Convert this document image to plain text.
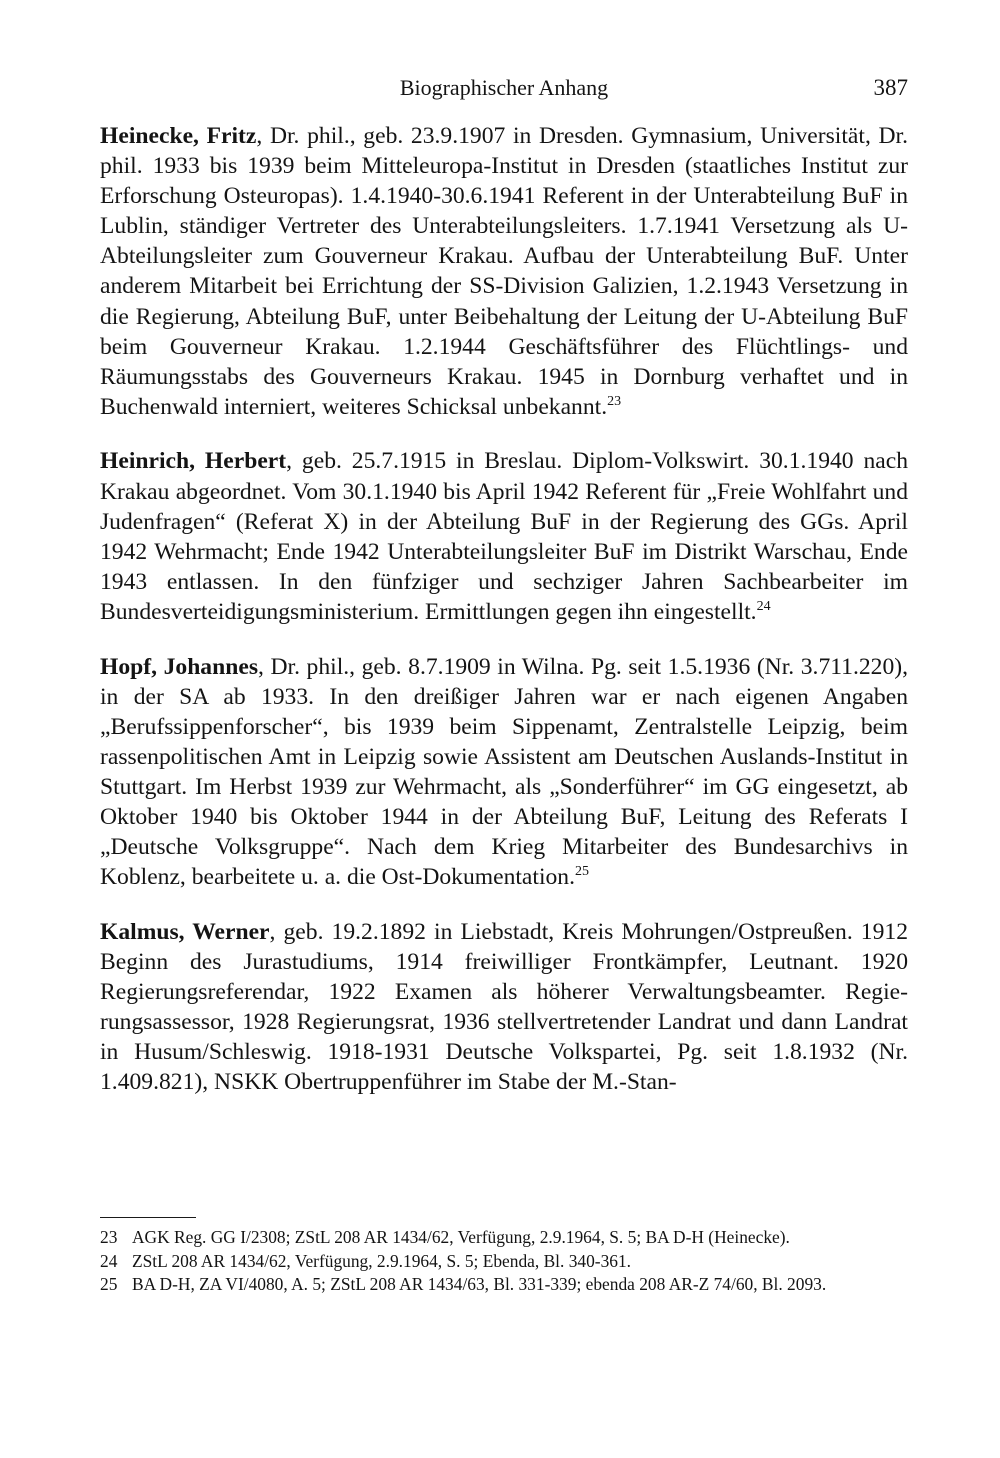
Biographischer Anhang	387

Heinecke, Fritz, Dr. phil., geb. 23.9.1907 in Dresden. Gymnasium, Universität, Dr. phil. 1933 bis 1939 beim Mitteleuropa-Institut in Dresden (staatliches Institut zur Erforschung Osteuropas). 1.4.1940-30.6.1941 Referent in der Unterabteilung BuF in Lublin, ständiger Vertreter des Unterabteilungsleiters. 1.7.1941 Versetzung als U-Abteilungsleiter zum Gouverneur Krakau. Aufbau der Unterabteilung BuF. Unter anderem Mitarbeit bei Errichtung der SS-Division Galizien, 1.2.1943 Versetzung in die Regierung, Abteilung BuF, unter Beibehaltung der Leitung der U-Abteilung BuF beim Gouverneur Krakau. 1.2.1944 Geschäftsführer des Flüchtlings- und Räumungsstabs des Gouverneurs Krakau. 1945 in Dornburg verhaftet und in Buchenwald interniert, weiteres Schicksal unbekannt.$^{23}$

Heinrich, Herbert, geb. 25.7.1915 in Breslau. Diplom-Volkswirt. 30.1.1940 nach Krakau abgeordnet. Vom 30.1.1940 bis April 1942 Referent für „Freie Wohlfahrt und Judenfragen“ (Referat X) in der Abteilung BuF in der Regierung des GGs. April 1942 Wehrmacht; Ende 1942 Unterabteilungsleiter BuF im Distrikt Warschau, Ende 1943 entlassen. In den fünfziger und sechziger Jahren Sachbearbeiter im Bundesverteidigungsministerium. Ermittlungen gegen ihn eingestellt.$^{24}$

Hopf, Johannes, Dr. phil., geb. 8.7.1909 in Wilna. Pg. seit 1.5.1936 (Nr. 3.711.220), in der SA ab 1933. In den dreißiger Jahren war er nach eigenen Angaben „Berufssippenforscher“, bis 1939 beim Sippenamt, Zentralstelle Leipzig, beim rassenpolitischen Amt in Leipzig sowie Assistent am Deutschen Auslands-Institut in Stuttgart. Im Herbst 1939 zur Wehrmacht, als „Sonderführer“ im GG eingesetzt, ab Oktober 1940 bis Oktober 1944 in der Abteilung BuF, Leitung des Referats I „Deutsche Volksgruppe“. Nach dem Krieg Mitarbeiter des Bundesarchivs in Koblenz, bearbeitete u. a. die Ost-Dokumentation.$^{25}$

Kalmus, Werner, geb. 19.2.1892 in Liebstadt, Kreis Mohrungen/Ostpreußen. 1912 Beginn des Jurastudiums, 1914 freiwilliger Frontkämpfer, Leutnant. 1920 Regierungsreferendar, 1922 Examen als höherer Verwaltungsbeamter. Regierungsassessor, 1928 Regierungsrat, 1936 stellvertretender Landrat und dann Landrat in Husum/Schleswig. 1918-1931 Deutsche Volkspartei, Pg. seit 1.8.1932 (Nr. 1.409.821), NSKK Obertruppenführer im Stabe der M.-Stan-

23 AGK Reg. GG I/2308; ZStL 208 AR 1434/62, Verfügung, 2.9.1964, S. 5; BA D-H (Heinecke).
24 ZStL 208 AR 1434/62, Verfügung, 2.9.1964, S. 5; Ebenda, Bl. 340-361.
25 BA D-H, ZA VI/4080, A. 5; ZStL 208 AR 1434/63, Bl. 331-339; ebenda 208 AR-Z 74/60, Bl. 2093.
